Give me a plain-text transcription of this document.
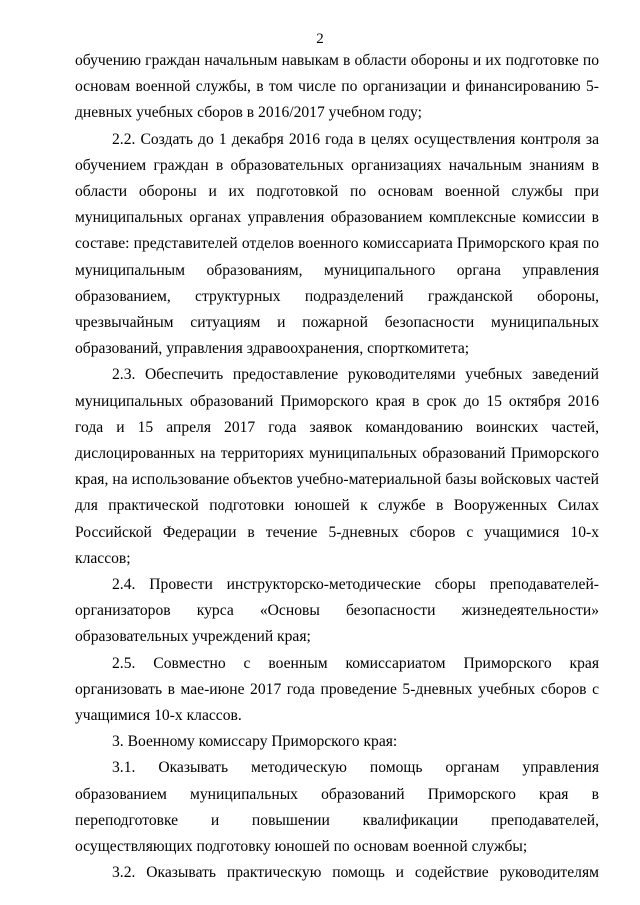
2

обучению граждан начальным навыкам в области обороны и их подготовке по основам военной службы, в том числе по организации и финансированию 5-дневных учебных сборов в 2016/2017 учебном году;

2.2. Создать до 1 декабря 2016 года в целях осуществления контроля за обучением граждан в образовательных организациях начальным знаниям в области обороны и их подготовкой по основам военной службы при муниципальных органах управления образованием комплексные комиссии в составе: представителей отделов военного комиссариата Приморского края по муниципальным образованиям, муниципального органа управления образованием, структурных подразделений гражданской обороны, чрезвычайным ситуациям и пожарной безопасности муниципальных образований, управления здравоохранения, спорткомитета;

2.3. Обеспечить предоставление руководителями учебных заведений муниципальных образований Приморского края в срок до 15 октября 2016 года и 15 апреля 2017 года заявок командованию воинских частей, дислоцированных на территориях муниципальных образований Приморского края, на использование объектов учебно-материальной базы войсковых частей для практической подготовки юношей к службе в Вооруженных Силах Российской Федерации в течение 5-дневных сборов с учащимися 10-х классов;

2.4. Провести инструкторско-методические сборы преподавателей-организаторов курса «Основы безопасности жизнедеятельности» образовательных учреждений края;

2.5. Совместно с военным комиссариатом Приморского края организовать в мае-июне 2017 года проведение 5-дневных учебных сборов с учащимися 10-х классов.

3. Военному комиссару Приморского края:

3.1. Оказывать методическую помощь органам управления образованием муниципальных образований Приморского края в переподготовке и повышении квалификации преподавателей, осуществляющих подготовку юношей по основам военной службы;

3.2. Оказывать практическую помощь и содействие руководителям
